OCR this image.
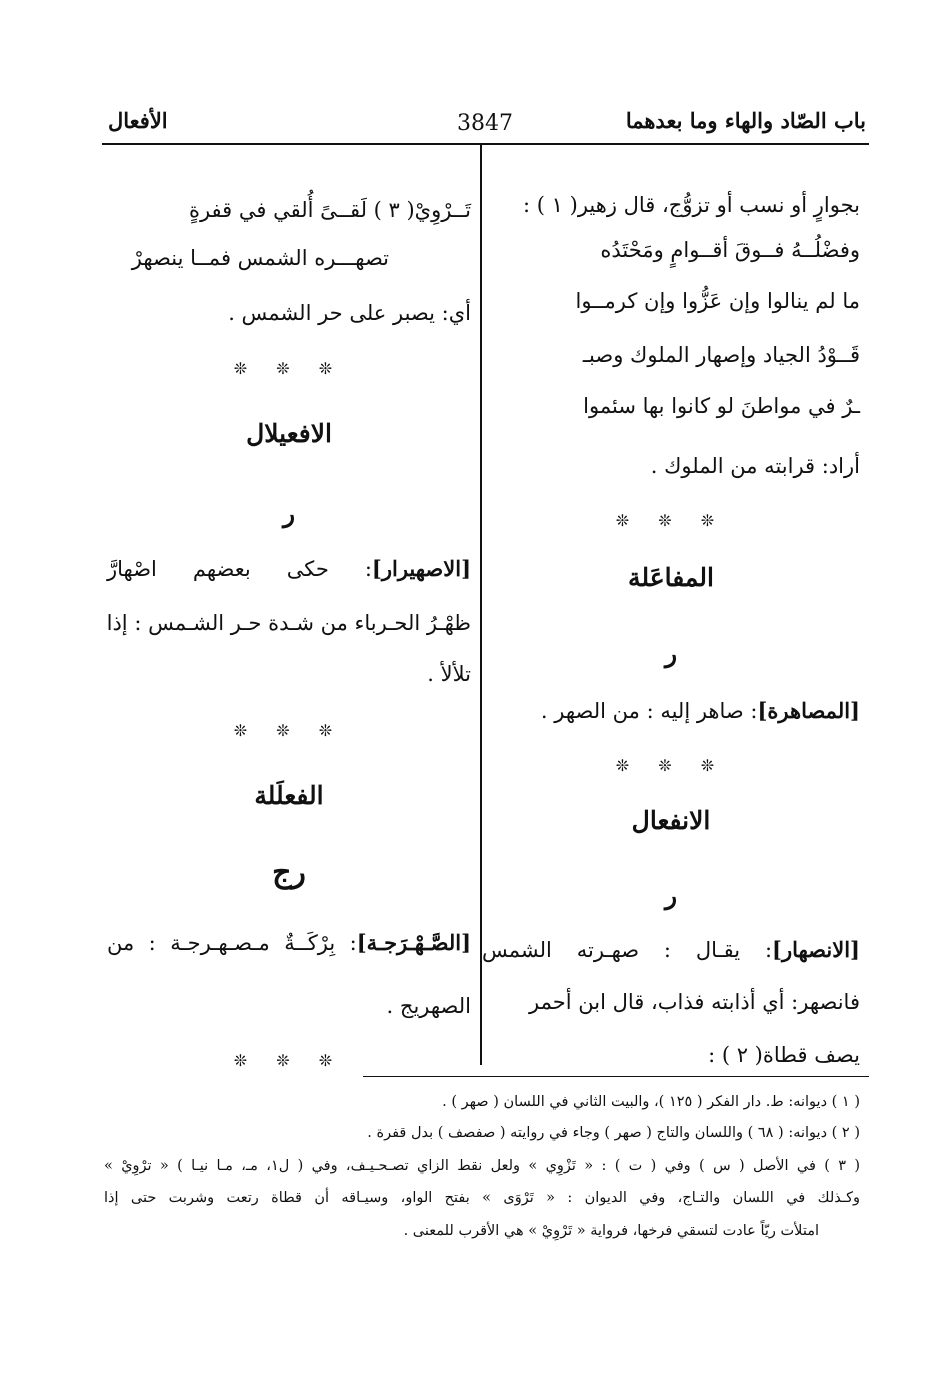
باب الصّاد والهاء وما بعدهما
3847
الأفعال
بجوارٍ أو نسب أو تزوُّج، قال زهير( ١ ) :
وفضْلُــهُ فــوقَ أقــوامٍ ومَحْتَدُه
ما لم ينالوا وإن عَزُّوا وإن كرمــوا
قَــوْدُ الجياد وإصهار الملوك وصبـ
ـرٌ في مواطنَ لو كانوا بها سئموا
أراد: قرابته من الملوك .
❊ ❊ ❊
المفاعَلة
ر
[المصاهرة]: صاهر إليه : من الصهر .
❊ ❊ ❊
الانفعال
ر
[الانصهار]: يقـال : صهـرته الشمس
فانصهر: أي أذابته فذاب، قال ابن أحمر
يصف قطاة( ٢ ) :
تَــرْوِيْ( ٣ ) لَقــىً أُلقي في قفرةٍ
تصهـــره الشمس فمــا ينصهرْ
أي: يصبر على حر الشمس .
❊ ❊ ❊
الافعيلال
ر
[الاصهيرار]: حكى بعضهم اصْهارَّ
ظهْـرُ الحـرباء من شـدة حـر الشـمس : إذا
تلألأ .
❊ ❊ ❊
الفعلَلة
رج
[الصَّـهْـرَجـة]: بِرْكَــةٌ مـصـهـرجـة : من
الصهريج .
❊ ❊ ❊
( ١ ) ديوانه: ط. دار الفكر ( ١٢٥ )، والبيت الثاني في اللسان ( صهر ) .
( ٢ ) ديوانه: ( ٦٨ ) واللسان والتاج ( صهر ) وجاء في روايته ( صفصف ) بدل قفرة .
( ٣ ) في الأصل ( س ) وفي ( ت ) : « تَزْوِي » ولعل نقط الزاي تصـحـيـف، وفي ( ل١، مـ، مـا نيـا ) « ترْوِيْ »
وكـذلك في اللسان والتـاج، وفي الديوان : « تَرْوَى » بفتح الواو، وسيـاقه أن قطاة رتعت وشربت حتى إذا
امتلأت ريّاً عادت لتسقي فرخها، فرواية « تَرْوِيْ » هي الأقرب للمعنى .
